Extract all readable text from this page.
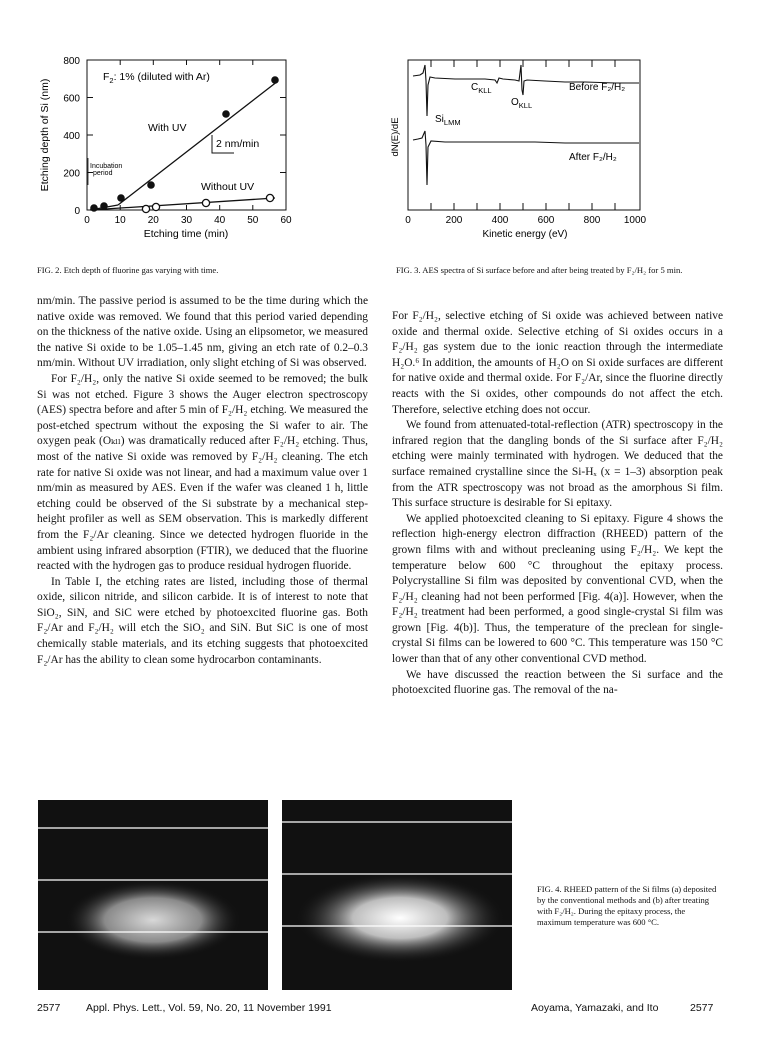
0
200
400
600
800
0 10 20 30 40 50 60
Etching time (min)
Etching depth of Si (nm)
$F_2$: 1% (diluted with Ar)
With UV
2 nm/min
Without UV
Incubation
period
FIG. 2. Etch depth of fluorine gas varying with time.
$C_{KLL}$
$O_{KLL}$
$Si_{LMM}$
Before F₂/H₂
After F₂/H₂
dN(E)/dE
0	200	400	600	800 1000
Kinetic energy (eV)
FIG. 3. AES spectra of Si surface before and after being treated by F₂/H₂ for 5 min.

nm/min. The passive period is assumed to be the time during which the native oxide was removed. We found that this period varied depending on the thickness of the native oxide. Using an elipsometor, we measured the native Si oxide to be 1.05–1.45 nm, giving an etch rate of 0.2–0.3 nm/min. Without UV irradiation, only slight etching of Si was observed.

For F₂/H₂, only the native Si oxide seemed to be removed; the bulk Si was not etched. Figure 3 shows the Auger electron spectroscopy (AES) spectra before and after 5 min of F₂/H₂ etching. We measured the post-etched spectrum without the exposing the Si wafer to air. The oxygen peak (Oₖₗₗ) was dramatically reduced after F₂/H₂ etching. Thus, most of the native Si oxide was removed by F₂/H₂ cleaning. The etch rate for native Si oxide was not linear, and had a maximum value over 1 nm/min as measured by AES. Even if the wafer was cleaned 1 h, little etching could be observed of the Si substrate by a mechanical step-height profiler as well as SEM observation. This is markedly different from the F₂/Ar cleaning. Since we detected hydrogen fluoride in the ambient using infrared absorption (FTIR), we deduced that the fluorine reacted with the hydrogen gas to produce residual hydrogen fluoride.

In Table I, the etching rates are listed, including those of thermal oxide, silicon nitride, and silicon carbide. It is of interest to note that SiO₂, SiN, and SiC were etched by photoexcited fluorine gas. Both F₂/Ar and F₂/H₂ will etch the SiO₂ and SiN. But SiC is one of most chemically stable materials, and its etching suggests that photoexcited F₂/Ar has the ability to clean some hydrocarbon contaminants.

For F₂/H₂, selective etching of Si oxide was achieved between native oxide and thermal oxide. Selective etching of Si oxides occurs in a F₂/H₂ gas system due to the ionic reaction through the intermediate H₂O.⁶ In addition, the amounts of H₂O on Si oxide surfaces are different for native oxide and thermal oxide. For F₂/Ar, since the fluorine directly reacts with the Si oxides, other compounds do not affect the etch. Therefore, selective etching does not occur.

We found from attenuated-total-reflection (ATR) spectroscopy in the infrared region that the dangling bonds of the Si surface after F₂/H₂ etching were mainly terminated with hydrogen. We deduced that the surface remained crystalline since the Si-Hₓ (x = 1–3) absorption peak from the ATR spectroscopy was not broad as the amorphous Si film. This surface structure is desirable for Si epitaxy.

We applied photoexcited cleaning to Si epitaxy. Figure 4 shows the reflection high-energy electron diffraction (RHEED) pattern of the grown films with and without precleaning using F₂/H₂. We kept the temperature below 600 °C throughout the epitaxy process. Polycrystalline Si film was deposited by conventional CVD, when the F₂/H₂ cleaning had not been performed [Fig. 4(a)]. However, when the F₂/H₂ treatment had been performed, a good single-crystal Si film was grown [Fig. 4(b)]. Thus, the temperature of the preclean for single-crystal Si films can be lowered to 600 °C. This temperature was 150 °C lower than that of any other conventional CVD method.

We have discussed the reaction between the Si surface and the photoexcited fluorine gas. The removal of the na-

FIG. 4. RHEED pattern of the Si films (a) deposited by the conventional methods and (b) after treating with F₂/H₂. During the epitaxy process, the maximum temperature was 600 °C.
2577 Appl. Phys. Lett., Vol. 59, No. 20, 11 November 1991	Aoyama, Yamazaki, and Ito	2577
